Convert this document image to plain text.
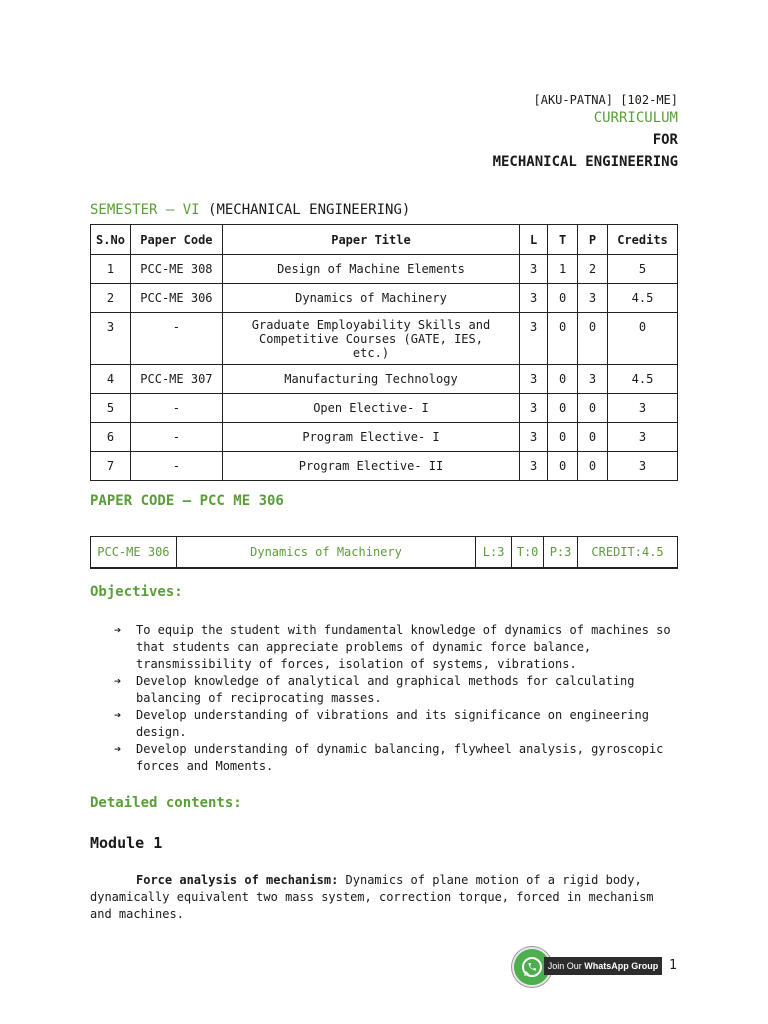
[AKU-PATNA] [102-ME]
CURRICULUM
FOR
MECHANICAL ENGINEERING
SEMESTER – VI (MECHANICAL ENGINEERING)
S.No	Paper Code	Paper Title	L	T	P	Credits
1	PCC-ME 308	Design of Machine Elements	3	1	2	5
2	PCC-ME 306	Dynamics of Machinery	3	0	3	4.5
3	-	Graduate Employability Skills and Competitive Courses (GATE, IES, etc.)	3	0	0	0
4	PCC-ME 307	Manufacturing Technology	3	0	3	4.5
5	-	Open Elective- I	3	0	0	3
6	-	Program Elective- I	3	0	0	3
7	-	Program Elective- II	3	0	0	3
PAPER CODE – PCC ME 306
PCC-ME 306	Dynamics of Machinery	L:3	T:0	P:3	CREDIT:4.5
Objectives:
➔ To equip the student with fundamental knowledge of dynamics of machines so that students can appreciate problems of dynamic force balance, transmissibility of forces, isolation of systems, vibrations.
➔ Develop knowledge of analytical and graphical methods for calculating balancing of reciprocating masses.
➔ Develop understanding of vibrations and its significance on engineering design.
➔ Develop understanding of dynamic balancing, flywheel analysis, gyroscopic forces and Moments.
Detailed contents:
Module 1

Force analysis of mechanism: Dynamics of plane motion of a rigid body, dynamically equivalent two mass system, correction torque, forced in mechanism and machines.

Join Our WhatsApp Group 1
